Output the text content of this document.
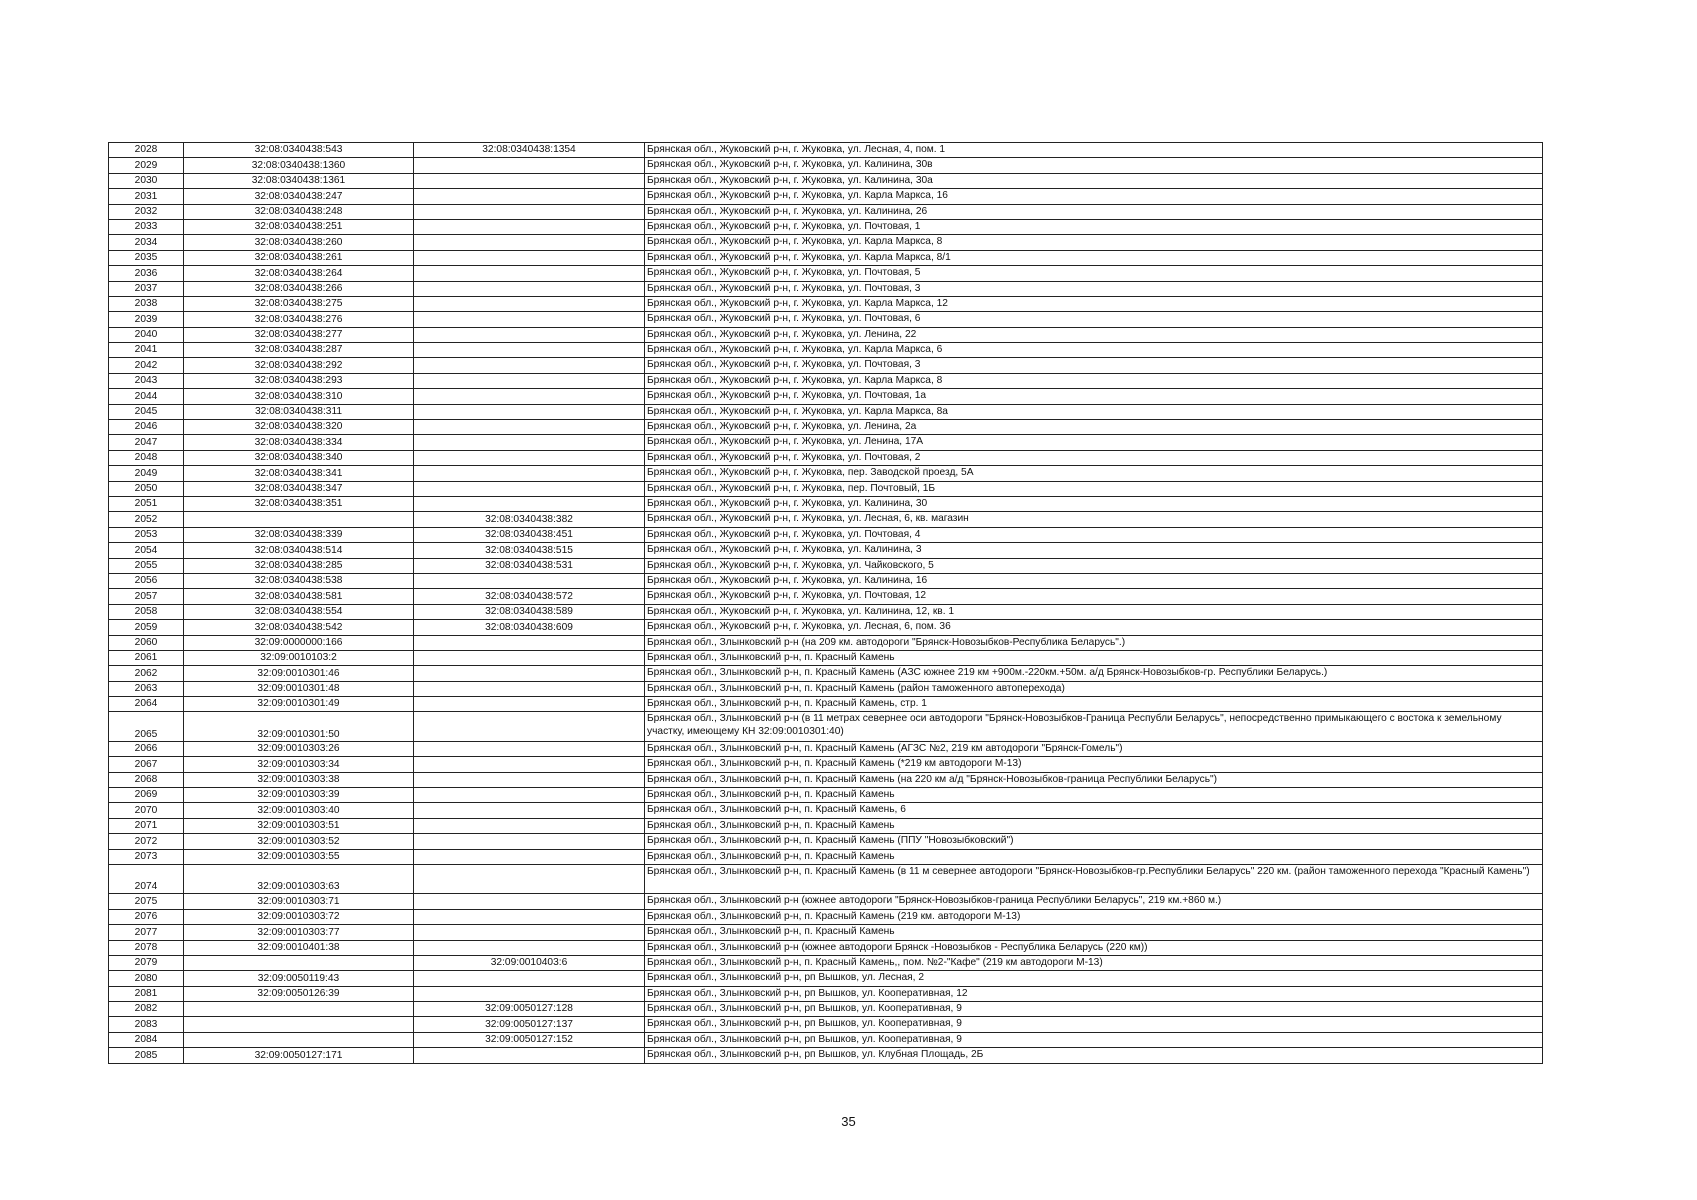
2028	32:08:0340438:543	32:08:0340438:1354	Брянская обл., Жуковский р-н, г. Жуковка, ул. Лесная, 4, пом. 1
2029	32:08:0340438:1360		Брянская обл., Жуковский р-н, г. Жуковка, ул. Калинина, 30в
2030	32:08:0340438:1361		Брянская обл., Жуковский р-н, г. Жуковка, ул. Калинина, 30а
2031	32:08:0340438:247		Брянская обл., Жуковский р-н, г. Жуковка, ул. Карла Маркса, 16
2032	32:08:0340438:248		Брянская обл., Жуковский р-н, г. Жуковка, ул. Калинина, 26
2033	32:08:0340438:251		Брянская обл., Жуковский р-н, г. Жуковка, ул. Почтовая, 1
2034	32:08:0340438:260		Брянская обл., Жуковский р-н, г. Жуковка, ул. Карла Маркса, 8
2035	32:08:0340438:261		Брянская обл., Жуковский р-н, г. Жуковка, ул. Карла Маркса, 8/1
2036	32:08:0340438:264		Брянская обл., Жуковский р-н, г. Жуковка, ул. Почтовая, 5
2037	32:08:0340438:266		Брянская обл., Жуковский р-н, г. Жуковка, ул. Почтовая, 3
2038	32:08:0340438:275		Брянская обл., Жуковский р-н, г. Жуковка, ул. Карла Маркса, 12
2039	32:08:0340438:276		Брянская обл., Жуковский р-н, г. Жуковка, ул. Почтовая, 6
2040	32:08:0340438:277		Брянская обл., Жуковский р-н, г. Жуковка, ул. Ленина, 22
2041	32:08:0340438:287		Брянская обл., Жуковский р-н, г. Жуковка, ул. Карла Маркса, 6
2042	32:08:0340438:292		Брянская обл., Жуковский р-н, г. Жуковка, ул. Почтовая, 3
2043	32:08:0340438:293		Брянская обл., Жуковский р-н, г. Жуковка, ул. Карла Маркса, 8
2044	32:08:0340438:310		Брянская обл., Жуковский р-н, г. Жуковка, ул. Почтовая, 1а
2045	32:08:0340438:311		Брянская обл., Жуковский р-н, г. Жуковка, ул. Карла Маркса, 8а
2046	32:08:0340438:320		Брянская обл., Жуковский р-н, г. Жуковка, ул. Ленина, 2а
2047	32:08:0340438:334		Брянская обл., Жуковский р-н, г. Жуковка, ул. Ленина, 17А
2048	32:08:0340438:340		Брянская обл., Жуковский р-н, г. Жуковка, ул. Почтовая, 2
2049	32:08:0340438:341		Брянская обл., Жуковский р-н, г. Жуковка, пер. Заводской проезд, 5А
2050	32:08:0340438:347		Брянская обл., Жуковский р-н, г. Жуковка, пер. Почтовый, 1Б
2051	32:08:0340438:351		Брянская обл., Жуковский р-н, г. Жуковка, ул. Калинина, 30
2052		32:08:0340438:382	Брянская обл., Жуковский р-н, г. Жуковка, ул. Лесная, 6, кв. магазин
2053	32:08:0340438:339	32:08:0340438:451	Брянская обл., Жуковский р-н, г. Жуковка, ул. Почтовая, 4
2054	32:08:0340438:514	32:08:0340438:515	Брянская обл., Жуковский р-н, г. Жуковка, ул. Калинина, 3
2055	32:08:0340438:285	32:08:0340438:531	Брянская обл., Жуковский р-н, г. Жуковка, ул. Чайковского, 5
2056	32:08:0340438:538		Брянская обл., Жуковский р-н, г. Жуковка, ул. Калинина, 16
2057	32:08:0340438:581	32:08:0340438:572	Брянская обл., Жуковский р-н, г. Жуковка, ул. Почтовая, 12
2058	32:08:0340438:554	32:08:0340438:589	Брянская обл., Жуковский р-н, г. Жуковка, ул. Калинина, 12, кв. 1
2059	32:08:0340438:542	32:08:0340438:609	Брянская обл., Жуковский р-н, г. Жуковка, ул. Лесная, 6, пом. 36
2060	32:09:0000000:166		Брянская обл., Злынковский р-н (на 209 км. автодороги "Брянск-Новозыбков-Республика Беларусь".)
2061	32:09:0010103:2		Брянская обл., Злынковский р-н, п. Красный Камень
2062	32:09:0010301:46		Брянская обл., Злынковский р-н, п. Красный Камень (АЗС южнее 219 км +900м.-220км.+50м. а/д Брянск-Новозыбков-гр. Республики Беларусь.)
2063	32:09:0010301:48		Брянская обл., Злынковский р-н, п. Красный Камень (район таможенного автоперехода)
2064	32:09:0010301:49		Брянская обл., Злынковский р-н, п. Красный Камень, стр. 1
2065	32:09:0010301:50		Брянская обл., Злынковский р-н (в 11 метрах севернее оси автодороги "Брянск-Новозыбков-Граница Республи Беларусь", непосредственно примыкающего с востока к земельному участку, имеющему КН 32:09:0010301:40)
2066	32:09:0010303:26		Брянская обл., Злынковский р-н, п. Красный Камень (АГЗС №2, 219 км автодороги "Брянск-Гомель")
2067	32:09:0010303:34		Брянская обл., Злынковский р-н, п. Красный Камень (*219 км автодороги М-13)
2068	32:09:0010303:38		Брянская обл., Злынковский р-н, п. Красный Камень (на 220 км а/д "Брянск-Новозыбков-граница Республики Беларусь")
2069	32:09:0010303:39		Брянская обл., Злынковский р-н, п. Красный Камень
2070	32:09:0010303:40		Брянская обл., Злынковский р-н, п. Красный Камень, 6
2071	32:09:0010303:51		Брянская обл., Злынковский р-н, п. Красный Камень
2072	32:09:0010303:52		Брянская обл., Злынковский р-н, п. Красный Камень (ППУ "Новозыбковский")
2073	32:09:0010303:55		Брянская обл., Злынковский р-н, п. Красный Камень
2074	32:09:0010303:63		Брянская обл., Злынковский р-н, п. Красный Камень (в 11 м севернее автодороги "Брянск-Новозыбков-гр.Республики Беларусь" 220 км. (район таможенного перехода "Красный Камень")
2075	32:09:0010303:71		Брянская обл., Злынковский р-н (южнее автодороги "Брянск-Новозыбков-граница Республики Беларусь", 219 км.+860 м.)
2076	32:09:0010303:72		Брянская обл., Злынковский р-н, п. Красный Камень (219 км. автодороги М-13)
2077	32:09:0010303:77		Брянская обл., Злынковский р-н, п. Красный Камень
2078	32:09:0010401:38		Брянская обл., Злынковский р-н (южнее автодороги Брянск -Новозыбков - Республика Беларусь (220 км))
2079		32:09:0010403:6	Брянская обл., Злынковский р-н, п. Красный Камень,, пом. №2-"Кафе" (219 км автодороги М-13)
2080	32:09:0050119:43		Брянская обл., Злынковский р-н, рп Вышков, ул. Лесная, 2
2081	32:09:0050126:39		Брянская обл., Злынковский р-н, рп Вышков, ул. Кооперативная, 12
2082		32:09:0050127:128	Брянская обл., Злынковский р-н, рп Вышков, ул. Кооперативная, 9
2083		32:09:0050127:137	Брянская обл., Злынковский р-н, рп Вышков, ул. Кооперативная, 9
2084		32:09:0050127:152	Брянская обл., Злынковский р-н, рп Вышков, ул. Кооперативная, 9
2085	32:09:0050127:171		Брянская обл., Злынковский р-н, рп Вышков, ул. Клубная Площадь, 2Б
35
